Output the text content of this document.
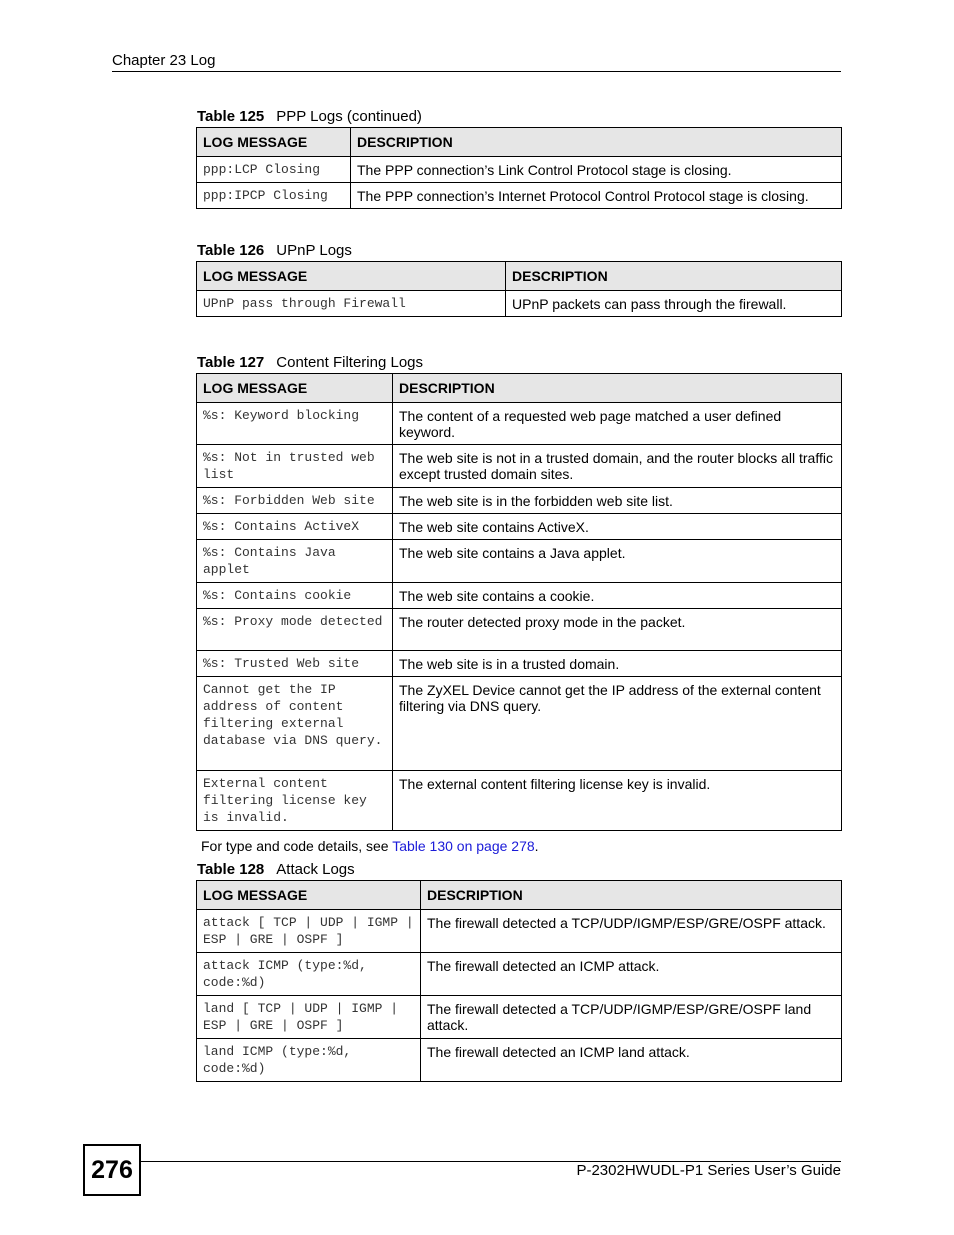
Chapter 23 Log
Table 125 PPP Logs (continued)
LOG MESSAGE	DESCRIPTION
ppp:LCP Closing	The PPP connection’s Link Control Protocol stage is closing.
ppp:IPCP Closing	The PPP connection’s Internet Protocol Control Protocol stage is closing.
Table 126 UPnP Logs
LOG MESSAGE	DESCRIPTION
UPnP pass through Firewall	UPnP packets can pass through the firewall.
Table 127 Content Filtering Logs
LOG MESSAGE	DESCRIPTION
%s: Keyword blocking	The content of a requested web page matched a user defined keyword.
%s: Not in trusted web list	The web site is not in a trusted domain, and the router blocks all traffic except trusted domain sites.
%s: Forbidden Web site	The web site is in the forbidden web site list.
%s: Contains ActiveX	The web site contains ActiveX.
%s: Contains Java applet	The web site contains a Java applet.
%s: Contains cookie	The web site contains a cookie.
%s: Proxy mode detected	The router detected proxy mode in the packet.
%s: Trusted Web site	The web site is in a trusted domain.
Cannot get the IP address of content filtering external database via DNS query.	The ZyXEL Device cannot get the IP address of the external content filtering via DNS query.
External content filtering license key is invalid.	The external content filtering license key is invalid.
For type and code details, see Table 130 on page 278.
Table 128 Attack Logs
LOG MESSAGE	DESCRIPTION
attack [ TCP | UDP | IGMP | ESP | GRE | OSPF ]	The firewall detected a TCP/UDP/IGMP/ESP/GRE/OSPF attack.
attack ICMP (type:%d, code:%d)	The firewall detected an ICMP attack.
land [ TCP | UDP | IGMP | ESP | GRE | OSPF ]	The firewall detected a TCP/UDP/IGMP/ESP/GRE/OSPF land attack.
land ICMP (type:%d, code:%d)	The firewall detected an ICMP land attack.
276	P-2302HWUDL-P1 Series User’s Guide
